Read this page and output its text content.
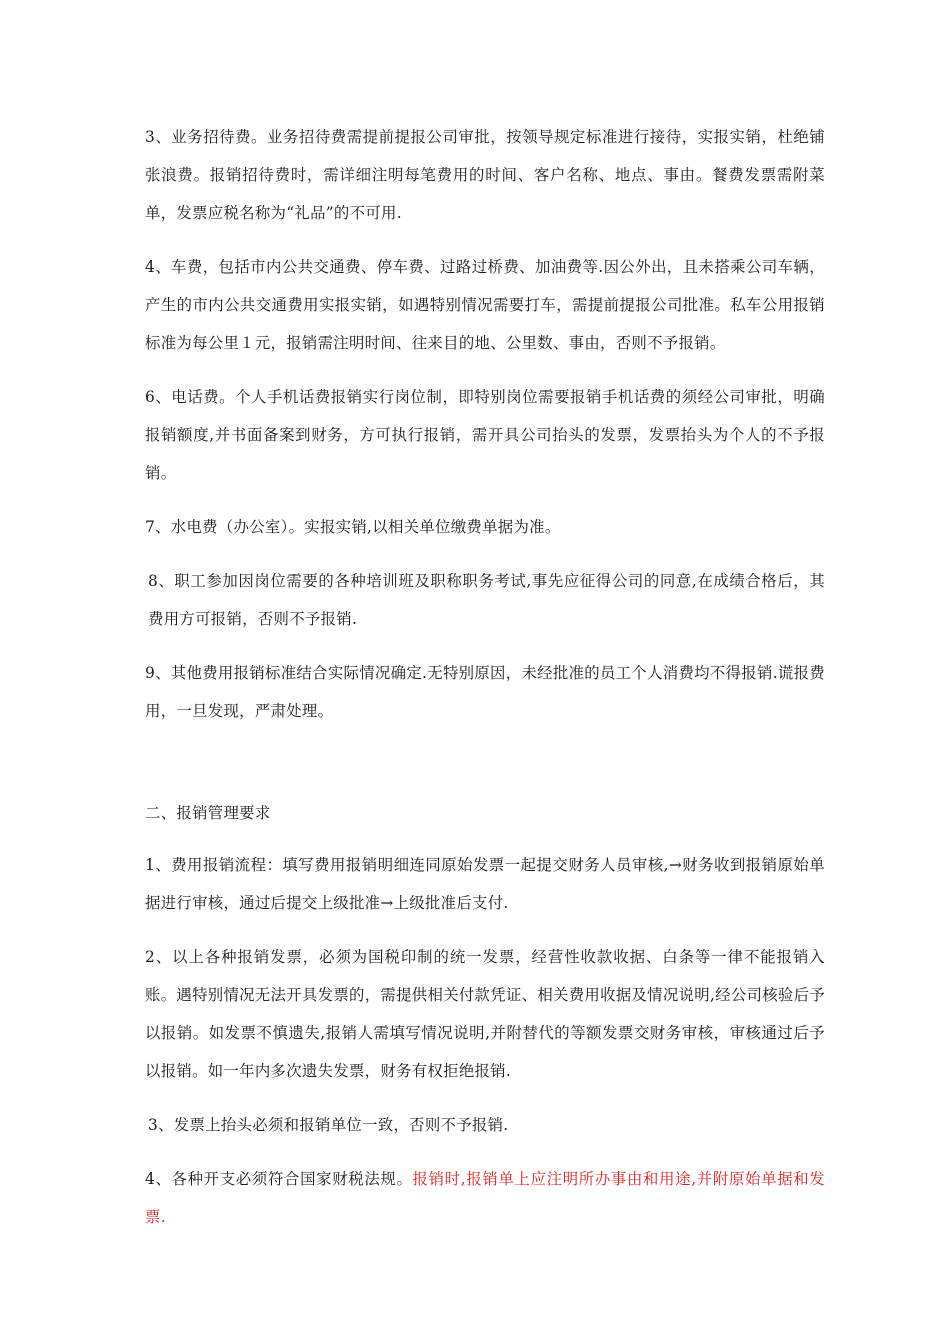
3、业务招待费。业务招待费需提前提报公司审批，按领导规定标准进行接待，实报实销，杜绝铺张浪费。报销招待费时，需详细注明每笔费用的时间、客户名称、地点、事由。餐费发票需附菜单，发票应税名称为“礼品”的不可用.

4、车费，包括市内公共交通费、停车费、过路过桥费、加油费等.因公外出，且未搭乘公司车辆，产生的市内公共交通费用实报实销，如遇特别情况需要打车，需提前提报公司批准。私车公用报销标准为每公里１元，报销需注明时间、往来目的地、公里数、事由，否则不予报销。

6、电话费。个人手机话费报销实行岗位制，即特别岗位需要报销手机话费的须经公司审批，明确报销额度,并书面备案到财务，方可执行报销，需开具公司抬头的发票，发票抬头为个人的不予报销。

7、水电费（办公室）。实报实销,以相关单位缴费单据为准。

8、职工参加因岗位需要的各种培训班及职称职务考试,事先应征得公司的同意,在成绩合格后，其费用方可报销，否则不予报销.

9、其他费用报销标准结合实际情况确定.无特别原因，未经批准的员工个人消费均不得报销.谎报费用，一旦发现，严肃处理。

二、报销管理要求

1、费用报销流程：填写费用报销明细连同原始发票一起提交财务人员审核,→财务收到报销原始单据进行审核，通过后提交上级批准→上级批准后支付.

2、以上各种报销发票，必须为国税印制的统一发票，经营性收款收据、白条等一律不能报销入账。遇特别情况无法开具发票的，需提供相关付款凭证、相关费用收据及情况说明,经公司核验后予以报销。如发票不慎遗失,报销人需填写情况说明,并附替代的等额发票交财务审核，审核通过后予以报销。如一年内多次遗失发票，财务有权拒绝报销.

3、发票上抬头必须和报销单位一致，否则不予报销.

4、各种开支必须符合国家财税法规。报销时,报销单上应注明所办事由和用途,并附原始单据和发票.
